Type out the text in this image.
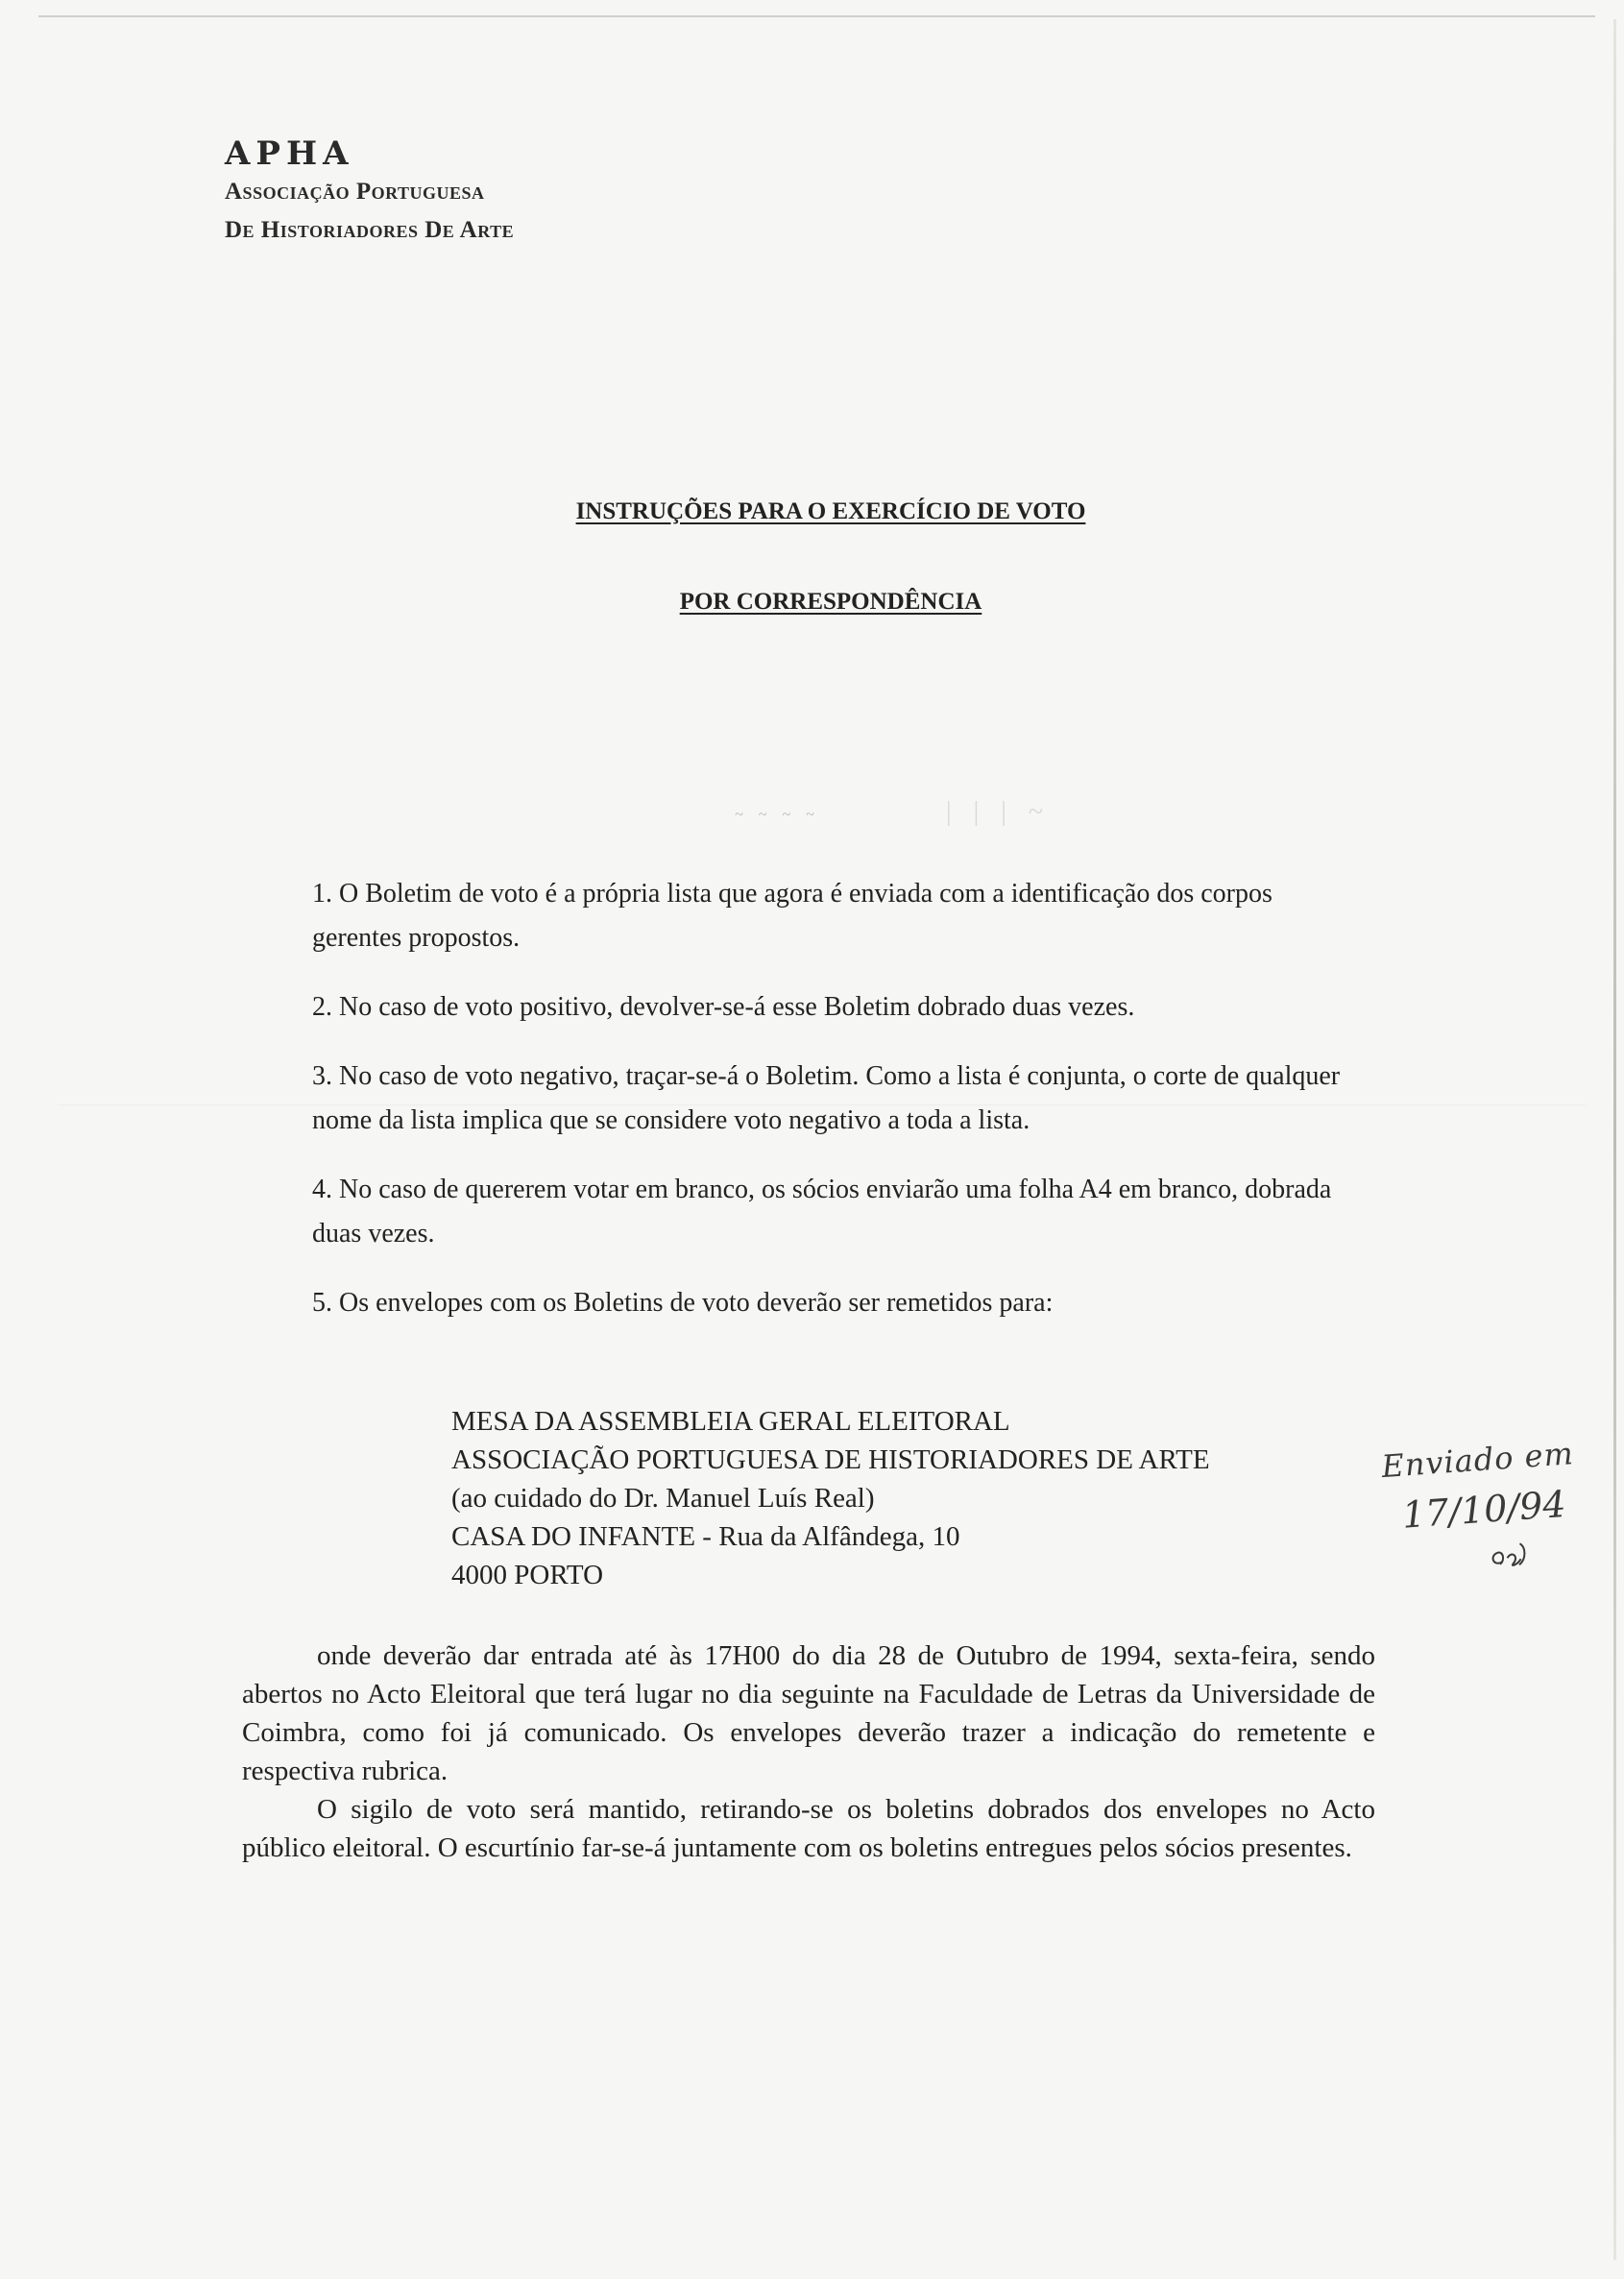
APHA
Associação Portuguesa
De Historiadores De Arte
INSTRUÇÕES PARA O EXERCÍCIO DE VOTO
POR CORRESPONDÊNCIA
~ ~ ~ ~	| | | ~
1. O Boletim de voto é a própria lista que agora é enviada com a identificação dos corpos gerentes propostos.
2. No caso de voto positivo, devolver-se-á esse Boletim dobrado duas vezes.
3. No caso de voto negativo, traçar-se-á o Boletim. Como a lista é conjunta, o corte de qualquer nome da lista implica que se considere voto negativo a toda a lista.
4. No caso de quererem votar em branco, os sócios enviarão uma folha A4 em branco, dobrada duas vezes.
5. Os envelopes com os Boletins de voto deverão ser remetidos para:
MESA DA ASSEMBLEIA GERAL ELEITORAL
ASSOCIAÇÃO PORTUGUESA DE HISTORIADORES DE ARTE
(ao cuidado do Dr. Manuel Luís Real)
CASA DO INFANTE - Rua da Alfândega, 10
4000 PORTO
Enviado em
17/10/94

onde deverão dar entrada até às 17H00 do dia 28 de Outubro de 1994, sexta-feira, sendo abertos no Acto Eleitoral que terá lugar no dia seguinte na Faculdade de Letras da Universidade de Coimbra, como foi já comunicado. Os envelopes deverão trazer a indicação do remetente e respectiva rubrica.

O sigilo de voto será mantido, retirando-se os boletins dobrados dos envelopes no Acto público eleitoral. O escurtínio far-se-á juntamente com os boletins entregues pelos sócios presentes.
